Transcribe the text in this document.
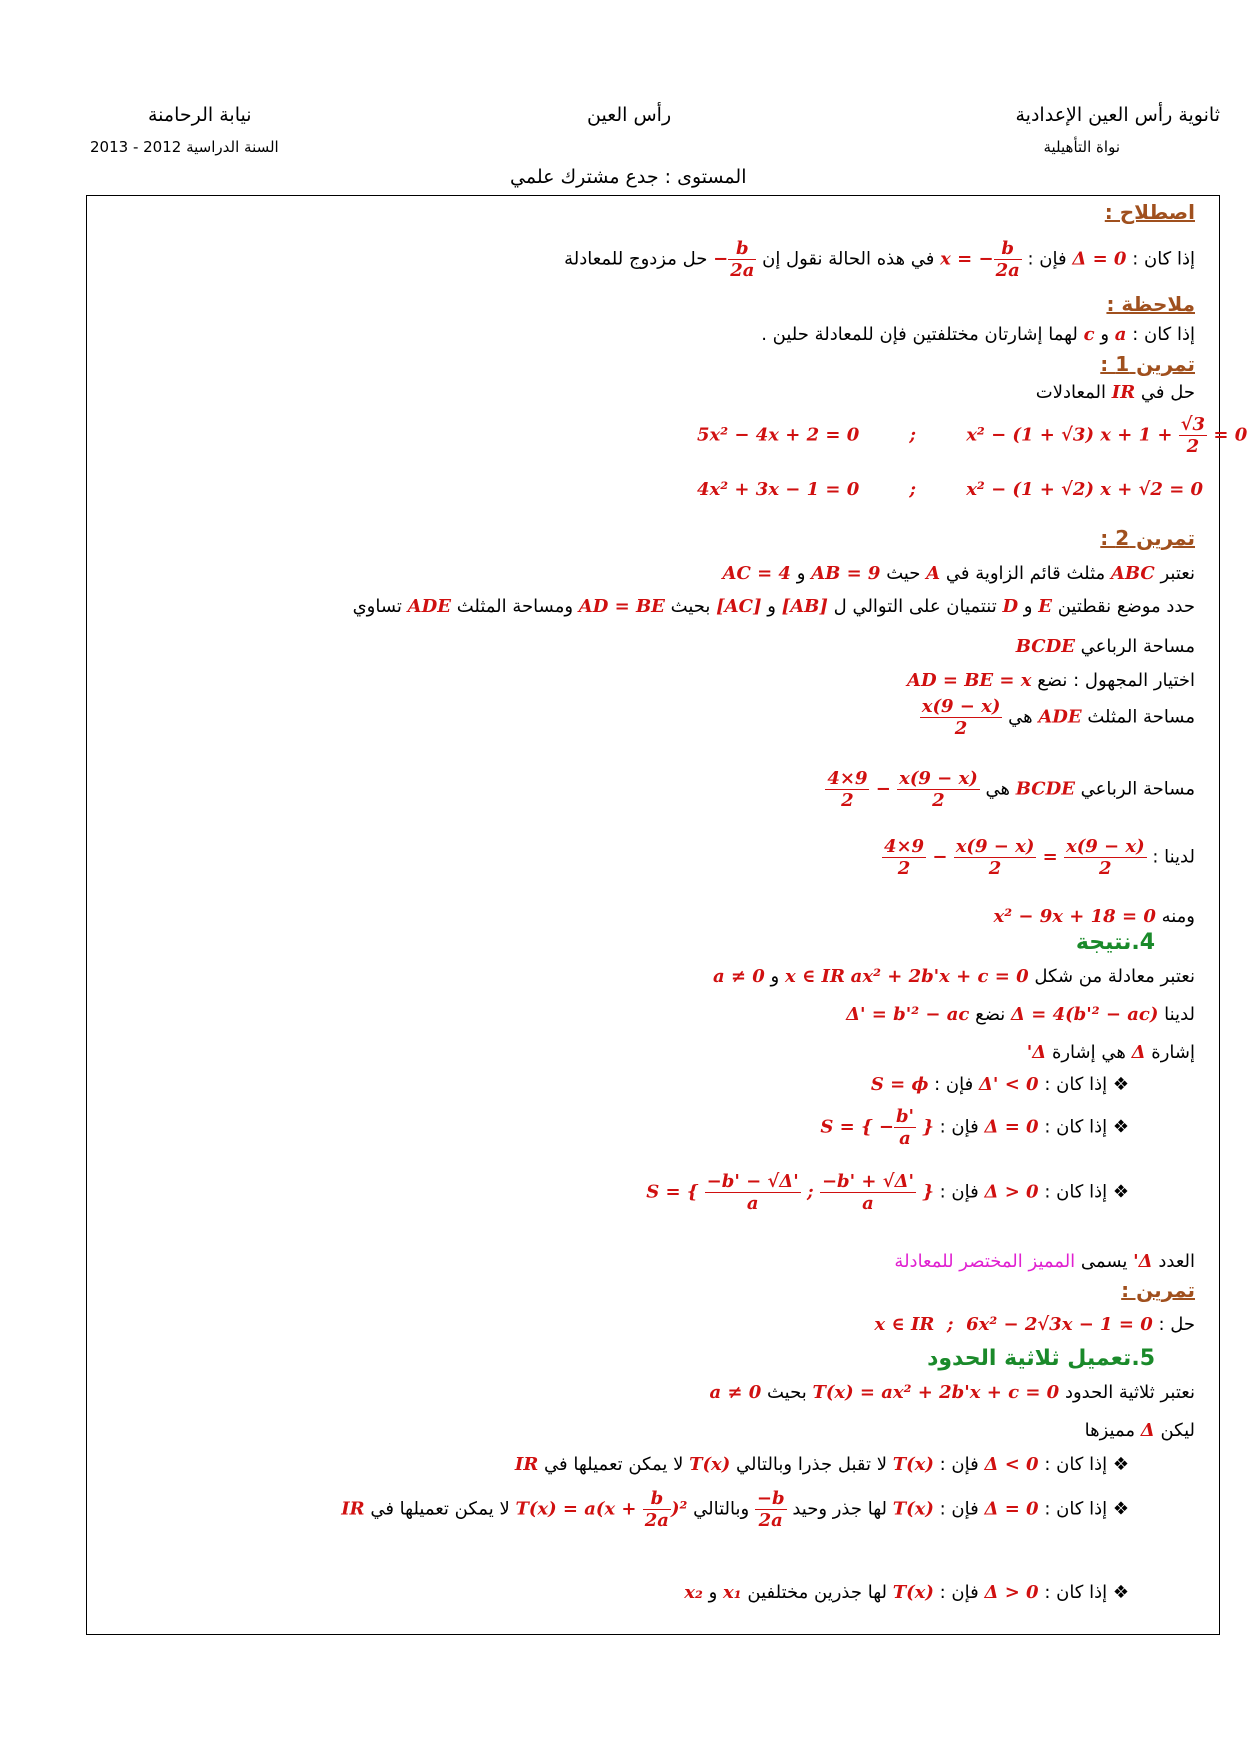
ثانوية رأس العين الإعدادية
نواة التأهيلية
رأس العين
نيابة الرحامنة
السنة الدراسية 2012 - 2013
المستوى : جدع مشترك علمي
اصطلاح :
إذا كان : Δ = 0 فإن : x = − $\frac{b}{2a}$
في هذه الحالة نقول إن − $\frac{b}{2a}$
حل مزدوج للمعادلة
ملاحظة :
إذا كان : a و c لهما إشارتان مختلفتين فإن للمعادلة حلين .
تمرين 1 :
حل في IR المعادلات
5x² − 4x + 2 = 0        ;        x² − (1 + √3) $x + 1 + \frac{√3}{2} = 0$
4x² + 3x − 1 = 0        ;        x² − (1 + √2) x + √2 = 0
تمرين 2 :
نعتبر ABC مثلث قائم الزاوية في A حيث AB = 9 و AC = 4
حدد موضع نقطتين E و D تنتميان على التوالي ل [AB] و [AC] بحيث AD = BE ومساحة المثلث ADE تساوي
مساحة الرباعي BCDE
اختيار المجهول : نضع AD = BE = x
مساحة المثلث ADE هي
$\frac{x(9 - x)}{2}$
مساحة الرباعي BCDE هي
$\frac{4\times 9}{2} - \frac{x(9 - x)}{2}$
لدينا :
$\frac{4\times 9}{2} - \frac{x(9 - x)}{2} = \frac{x(9 - x)}{2}$
ومنه x² − 9x + 18 = 0
4.نتيجة
نعتبر معادلة من شكل ax² + 2b'x + c = 0 x ∈ IR و a ≠ 0
لدينا Δ = 4(b'² − ac) نضع Δ' = b'² − ac
إشارة Δ هي إشارة Δ'
❖ إذا كان : Δ' < 0 فإن : S = ϕ
❖ إذا كان : Δ = 0 فإن : S = { − $\frac{b'}{a}$ }
❖ إذا كان : Δ > 0 فإن : S = { $\frac{-b' - √\Delta'}{a}$ ; $\frac{-b' + √\Delta'}{a}$ }
العدد Δ' يسمى المميز المختصر للمعادلة
تمرين :
حل : x ∈ IR  ;  6x² − 2√3x − 1 = 0
5.تعميل ثلاثية الحدود
نعتبر ثلاثية الحدود T(x) = ax² + 2b'x + c = 0 بحيث a ≠ 0
ليكن Δ مميزها
❖ إذا كان : Δ < 0 فإن : T(x) لا تقبل جذرا وبالتالي T(x) لا يمكن تعميلها في IR
❖ إذا كان : Δ = 0 فإن : T(x) لها جذر وحيد
$\frac{-b}{2a}$
وبالتالي $T(x) = a(x + \frac{b}{2a} )^2$ لا يمكن تعميلها في IR
❖ إذا كان : Δ > 0 فإن : T(x) لها جذرين مختلفين x₁ و x₂
